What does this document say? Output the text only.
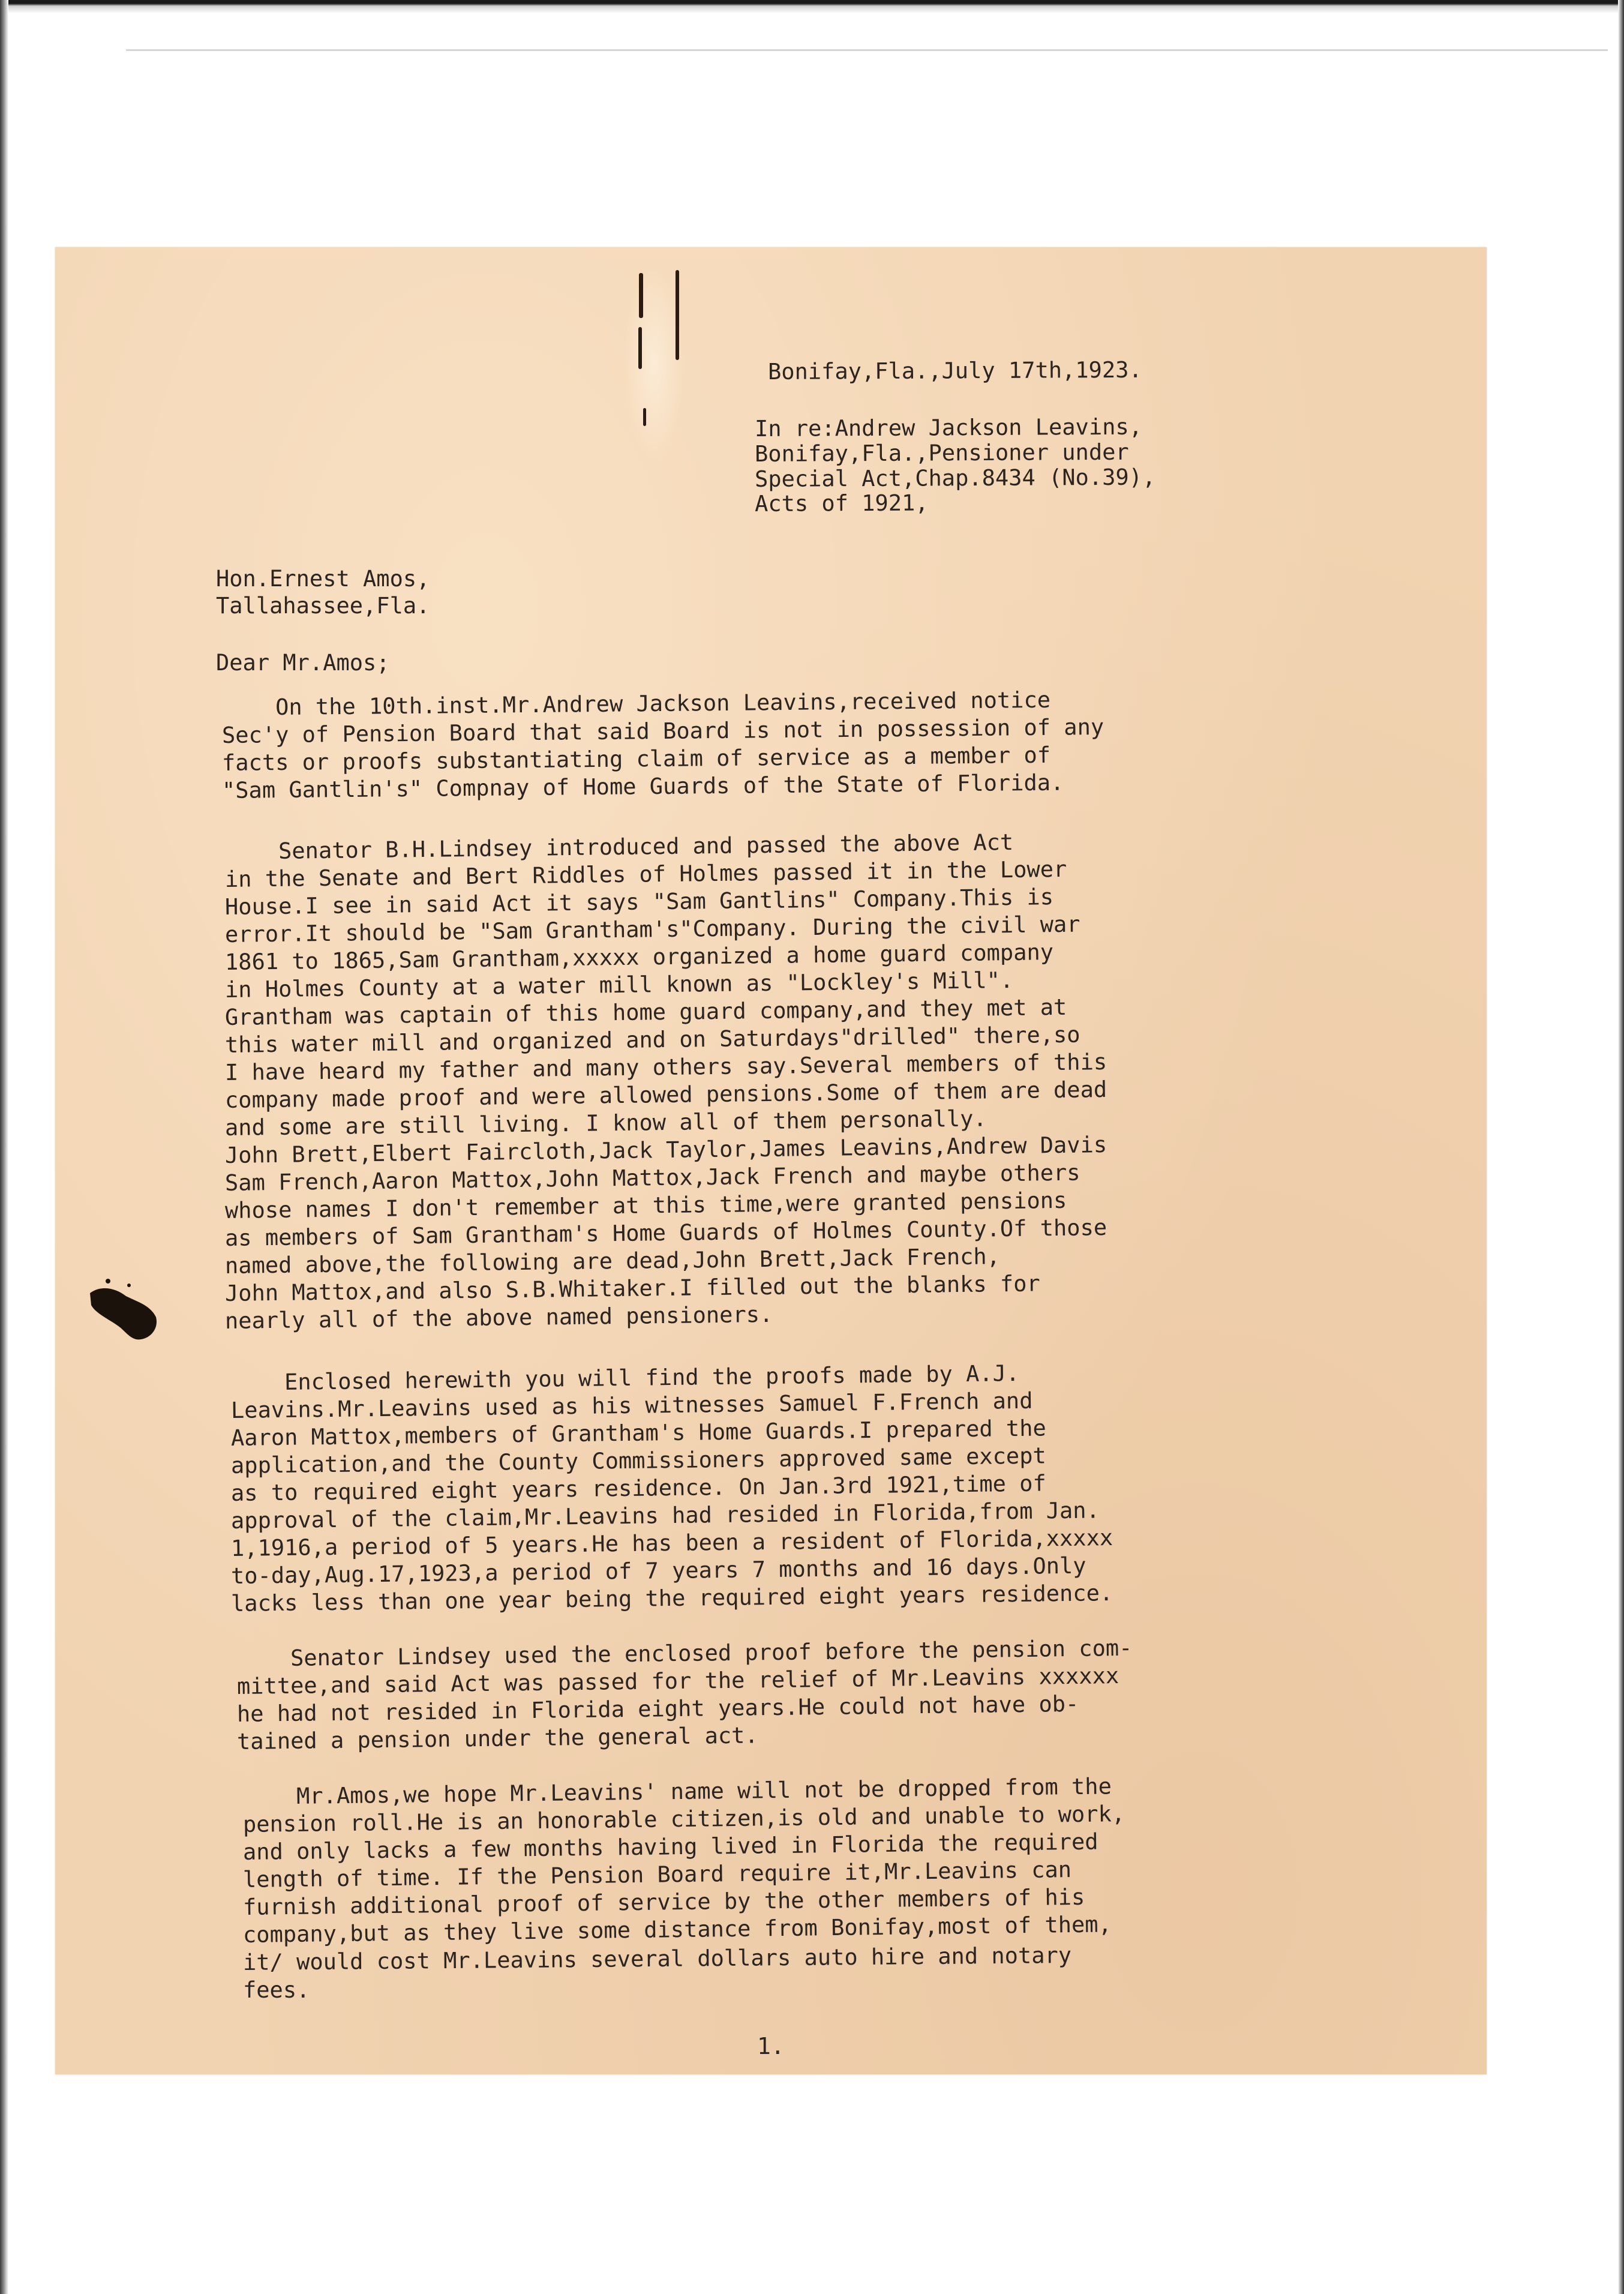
Bonifay,Fla.,July 17th,1923.

In re:Andrew Jackson Leavins,

Bonifay,Fla.,Pensioner under

Special Act,Chap.8434 (No.39),

Acts of 1921,

Hon.Ernest Amos,

Tallahassee,Fla.

Dear Mr.Amos;

On the 10th.inst.Mr.Andrew Jackson Leavins,received notice

Sec'y of Pension Board that said Board is not in possession of any

facts or proofs substantiating claim of service as a member of

"Sam Gantlin's" Compnay of Home Guards of the State of Florida.

Senator B.H.Lindsey introduced and passed the above Act

in the Senate and Bert Riddles of Holmes passed it in the Lower

House.I see in said Act it says "Sam Gantlins" Company.This is

error.It should be "Sam Grantham's"Company. During the civil war

1861 to 1865,Sam Grantham,xxxxx organized a home guard company

in Holmes County at a water mill known as "Lockley's Mill".

Grantham was captain of this home guard company,and they met at

this water mill and organized and on Saturdays"drilled" there,so

I have heard my father and many others say.Several members of this

company made proof and were allowed pensions.Some of them are dead

and some are still living. I know all of them personally.

John Brett,Elbert Faircloth,Jack Taylor,James Leavins,Andrew Davis

Sam French,Aaron Mattox,John Mattox,Jack French and maybe others

whose names I don't remember at this time,were granted pensions

as members of Sam Grantham's Home Guards of Holmes County.Of those

named above,the following are dead,John Brett,Jack French,

John Mattox,and also S.B.Whitaker.I filled out the blanks for

nearly all of the above named pensioners.

Enclosed herewith you will find the proofs made by A.J.

Leavins.Mr.Leavins used as his witnesses Samuel F.French and

Aaron Mattox,members of Grantham's Home Guards.I prepared the

application,and the County Commissioners approved same except

as to required eight years residence. On Jan.3rd 1921,time of

approval of the claim,Mr.Leavins had resided in Florida,from Jan.

1,1916,a period of 5 years.He has been a resident of Florida,xxxxx

to-day,Aug.17,1923,a period of 7 years 7 months and 16 days.Only

lacks less than one year being the required eight years residence.

Senator Lindsey used the enclosed proof before the pension com-

mittee,and said Act was passed for the relief of Mr.Leavins xxxxxx

he had not resided in Florida eight years.He could not have ob-

tained a pension under the general act.

Mr.Amos,we hope Mr.Leavins' name will not be dropped from the

pension roll.He is an honorable citizen,is old and unable to work,

and only lacks a few months having lived in Florida the required

length of time. If the Pension Board require it,Mr.Leavins can

furnish additional proof of service by the other members of his

company,but as they live some distance from Bonifay,most of them,

it/ would cost Mr.Leavins several dollars auto hire and notary

fees.

1.
